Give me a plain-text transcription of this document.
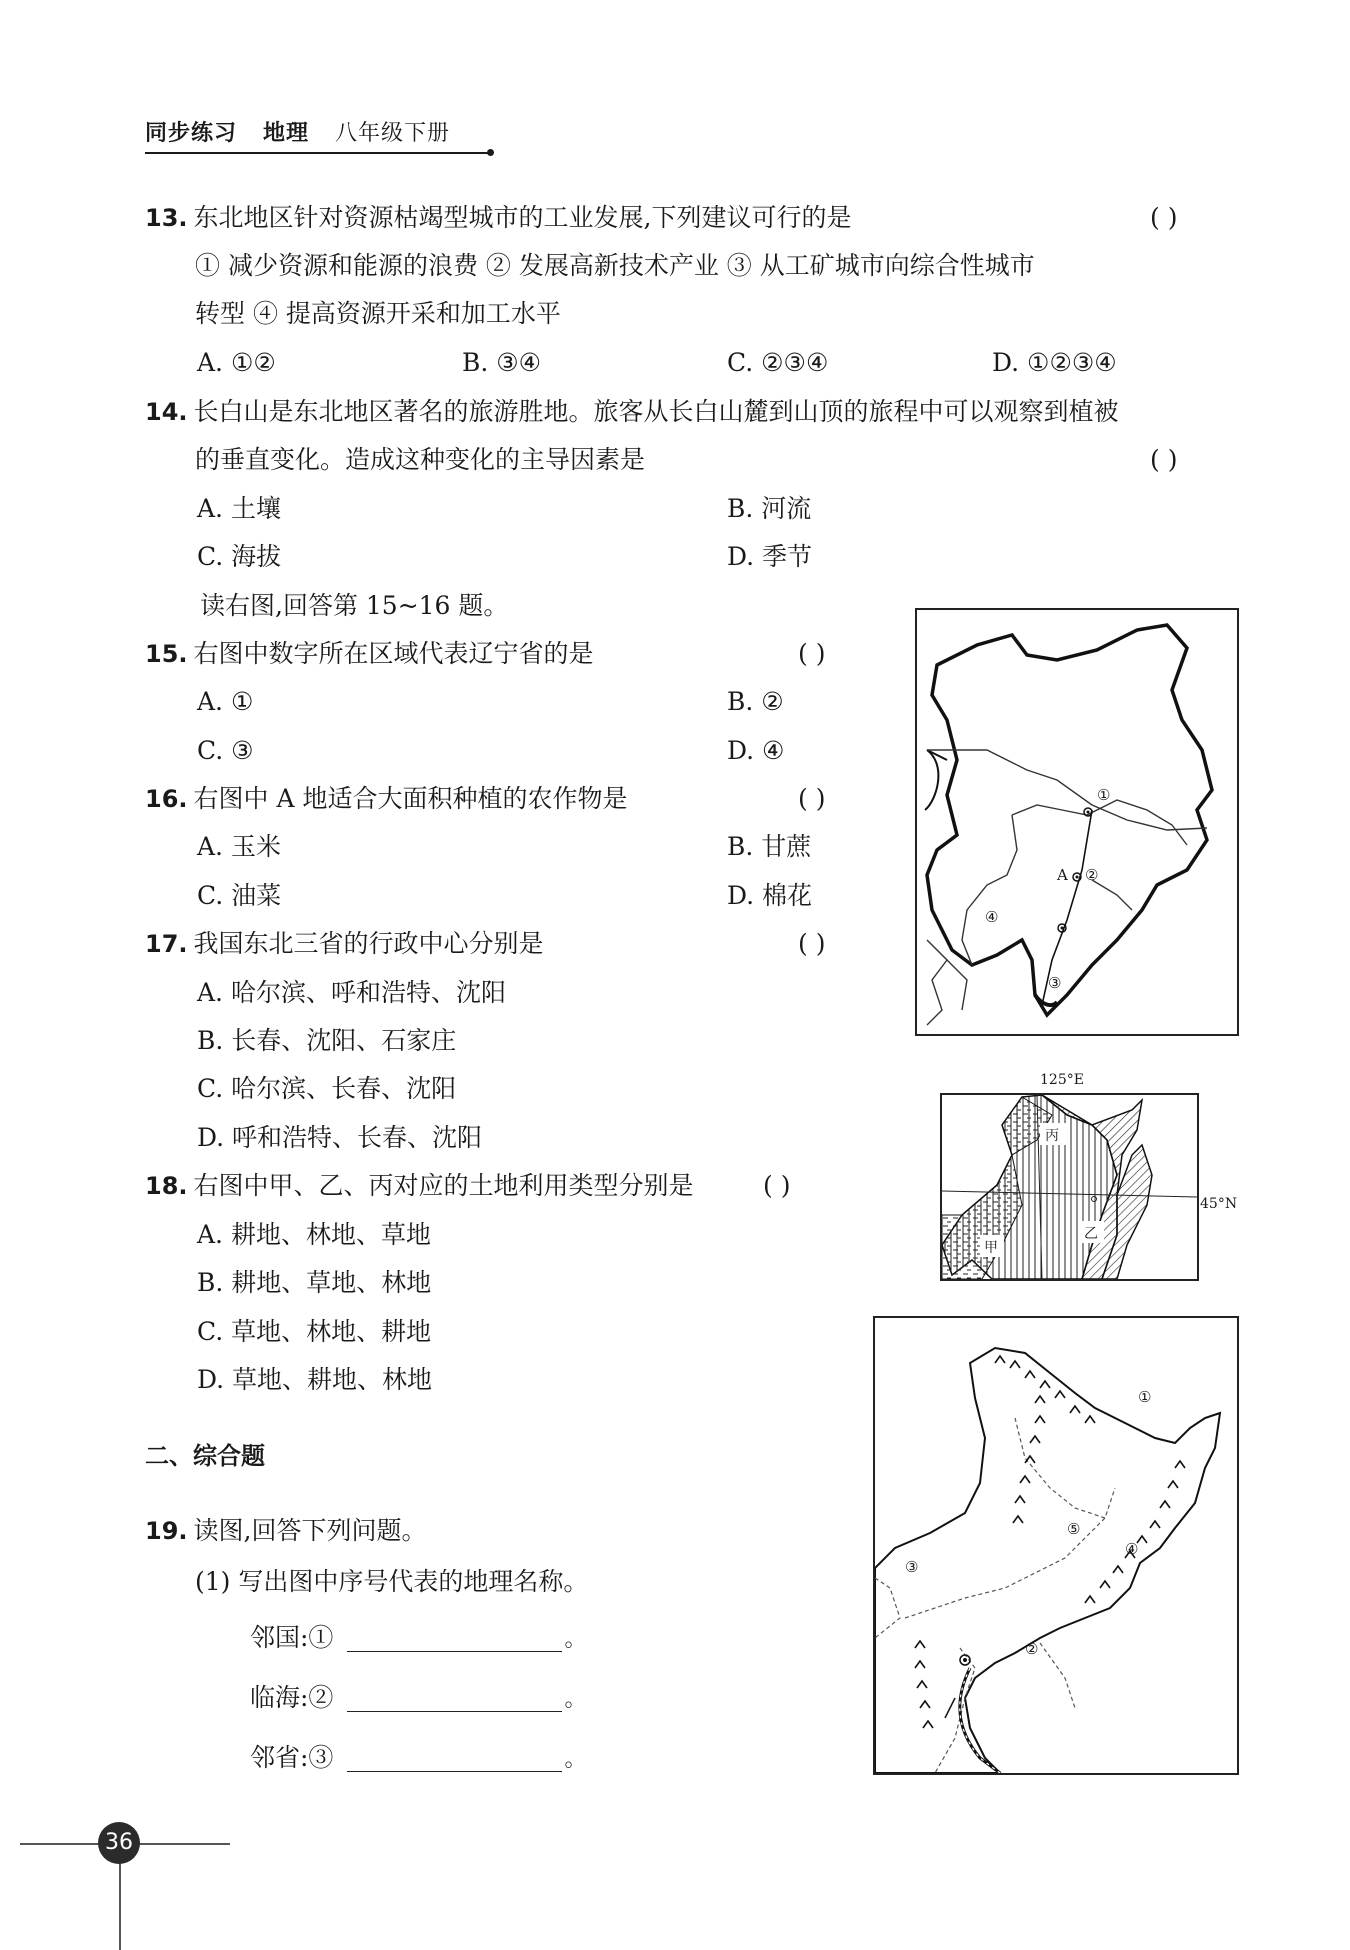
同步练习 地理 八年级下册
13. 东北地区针对资源枯竭型城市的工业发展,下列建议可行的是	( )
① 减少资源和能源的浪费 ② 发展高新技术产业 ③ 从工矿城市向综合性城市
转型 ④ 提高资源开采和加工水平
A. ①②	B. ③④	C. ②③④	D. ①②③④
14. 长白山是东北地区著名的旅游胜地。旅客从长白山麓到山顶的旅程中可以观察到植被
的垂直变化。造成这种变化的主导因素是	( )
A. 土壤	B. 河流
C. 海拔	D. 季节
读右图,回答第 15~16 题。
15. 右图中数字所在区域代表辽宁省的是	( )
A. ①	B. ②
C. ③	D. ④
16. 右图中 A 地适合大面积种植的农作物是	( )
A. 玉米	B. 甘蔗
C. 油菜	D. 棉花
17. 我国东北三省的行政中心分别是	( )
A. 哈尔滨、呼和浩特、沈阳
B. 长春、沈阳、石家庄
C. 哈尔滨、长春、沈阳
D. 呼和浩特、长春、沈阳
18. 右图中甲、乙、丙对应的土地利用类型分别是	( )
A. 耕地、林地、草地
B. 耕地、草地、林地
C. 草地、林地、耕地
D. 草地、耕地、林地
二、综合题
19. 读图,回答下列问题。
(1) 写出图中序号代表的地理名称。
邻国:①	。
临海:②	。
邻省:③	。
①
②
③
④
A
125°E
45°N
丙
乙
甲
①
②
③
④
⑤
36
